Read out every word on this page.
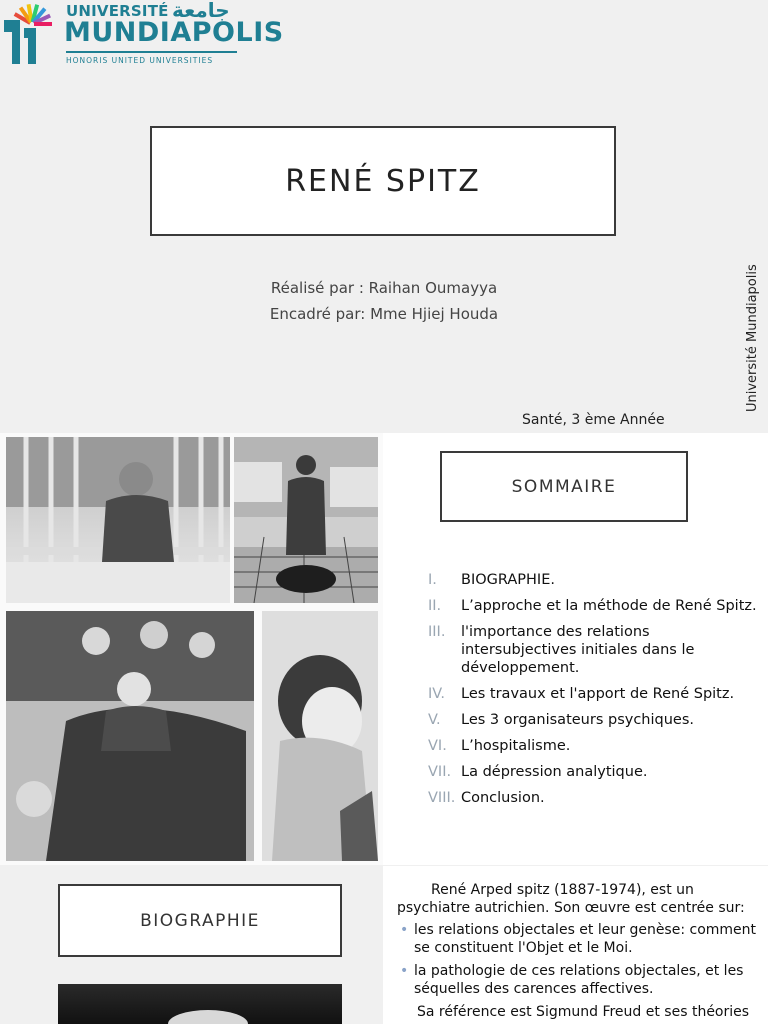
UNIVERSITÉ جامعة
MUNDIAPOLIS
HONORIS UNITED UNIVERSITIES
RENÉ SPITZ
Réalisé par : Raihan Oumayya
Encadré par: Mme Hjiej Houda	Université Mundiapolis
Santé, 3 ème Année
SOMMAIRE
I.	BIOGRAPHIE.
II.	L’approche et la méthode de René Spitz.
III.	l'importance des relations intersubjectives initiales dans le développement.
IV.	Les travaux et l'apport de René Spitz.
V.	Les 3 organisateurs psychiques.
VI. L’hospitalisme.
VII. La dépression analytique.
VIII. Conclusion.
BIOGRAPHIE

René Arped spitz (1887-1974), est un psychiatre autrichien. Son œuvre est centrée sur:

• les relations objectales et leur genèse: comment se constituent l'Objet et le Moi.
• la pathologie de ces relations objectales, et les séquelles des carences affectives.

Sa référence est Sigmund Freud et ses théories
